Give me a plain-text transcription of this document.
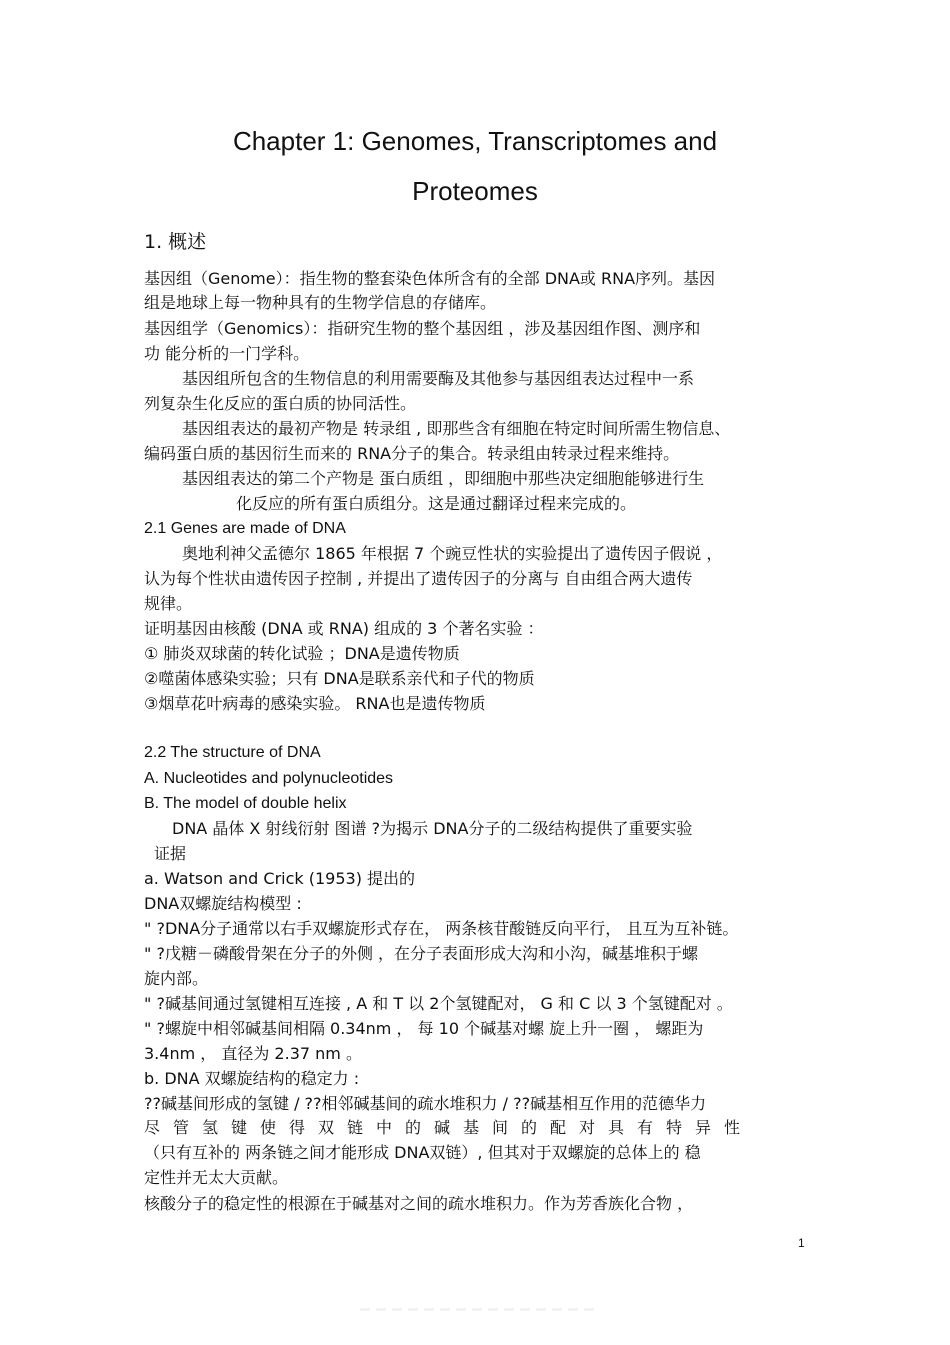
Chapter 1: Genomes, Transcriptomes and
Proteomes
1. 概述
基因组（Genome）：指生物的整套染色体所含有的全部 DNA或 RNA序列。基因
组是地球上每一物种具有的生物学信息的存储库。
基因组学（Genomics）：指研究生物的整个基因组 ，涉及基因组作图、测序和
功 能分析的一门学科。
基因组所包含的生物信息的利用需要酶及其他参与基因组表达过程中一系
列复杂生化反应的蛋白质的协同活性。
基因组表达的最初产物是 转录组 , 即那些含有细胞在特定时间所需生物信息、
编码蛋白质的基因衍生而来的 RNA分子的集合。转录组由转录过程来维持。
基因组表达的第二个产物是 蛋白质组 ，即细胞中那些决定细胞能够进行生
化反应的所有蛋白质组分。这是通过翻译过程来完成的。
2.1 Genes are made of DNA
奥地利神父孟德尔 1865 年根据 7 个豌豆性状的实验提出了遗传因子假说 ，
认为每个性状由遗传因子控制 , 并提出了遗传因子的分离与 自由组合两大遗传
规律。
证明基因由核酸 (DNA 或 RNA) 组成的 3 个著名实验 ：
① 肺炎双球菌的转化试验 ；DNA是遗传物质
②噬菌体感染实验；只有 DNA是联系亲代和子代的物质
③烟草花叶病毒的感染实验。 RNA也是遗传物质
2.2 The structure of DNA
A. Nucleotides and polynucleotides
B. The model of double helix
DNA 晶体 X 射线衍射 图谱 ?为揭示 DNA分子的二级结构提供了重要实验
证据
a. Watson and Crick (1953) 提出的
DNA双螺旋结构模型 :
" ?DNA分子通常以右手双螺旋形式存在， 两条核苷酸链反向平行， 且互为互补链。
" ?戊糖－磷酸骨架在分子的外侧 ，在分子表面形成大沟和小沟，碱基堆积于螺
旋内部。
" ?碱基间通过氢键相互连接 , A 和 T 以 2个氢键配对， G 和 C 以 3 个氢键配对 。
" ?螺旋中相邻碱基间相隔 0.34nm ， 每 10 个碱基对螺 旋上升一圈 ， 螺距为
3.4nm ， 直径为 2.37 nm 。
b. DNA 双螺旋结构的稳定力 :
??碱基间形成的氢键 / ??相邻碱基间的疏水堆积力 / ??碱基相互作用的范德华力
尽管氢键使得双链中的碱基间的配对具有特异性
（只有互补的 两条链之间才能形成 DNA双链）, 但其对于双螺旋的总体上的 稳
定性并无太大贡献。
核酸分子的稳定性的根源在于碱基对之间的疏水堆积力。作为芳香族化合物 ，
1
